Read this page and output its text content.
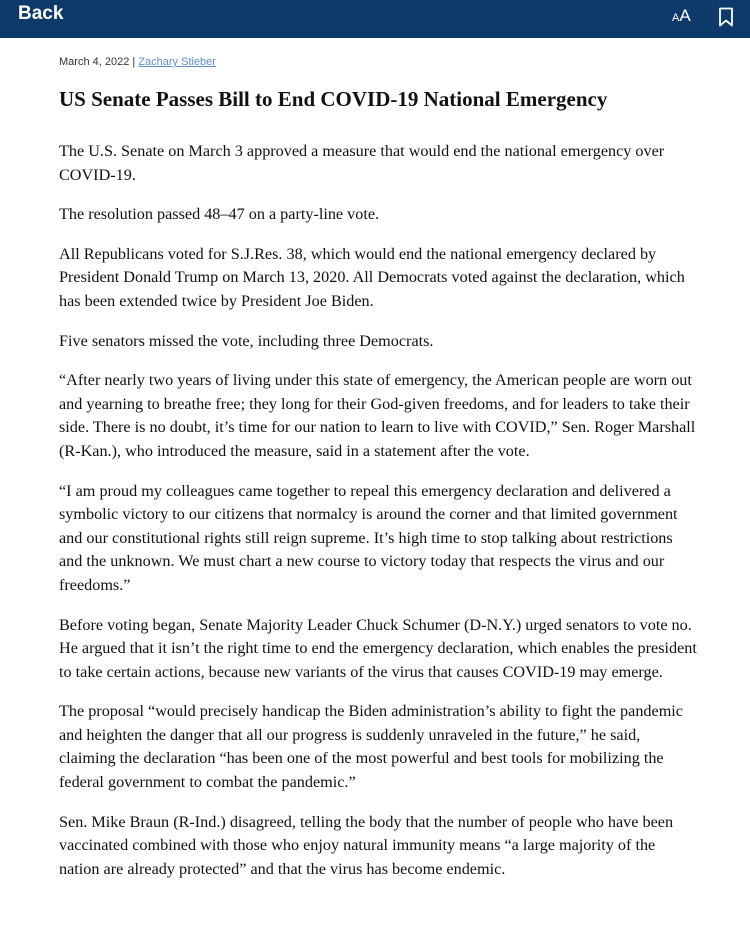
Back	AA
March 4, 2022 | Zachary Stieber
US Senate Passes Bill to End COVID-19 National Emergency

The U.S. Senate on March 3 approved a measure that would end the national emergency over COVID-19.

The resolution passed 48–47 on a party-line vote.

All Republicans voted for S.J.Res. 38, which would end the national emergency declared by President Donald Trump on March 13, 2020. All Democrats voted against the declaration, which has been extended twice by President Joe Biden.

Five senators missed the vote, including three Democrats.

“After nearly two years of living under this state of emergency, the American people are worn out and yearning to breathe free; they long for their God-given freedoms, and for leaders to take their side. There is no doubt, it’s time for our nation to learn to live with COVID,” Sen. Roger Marshall (R-Kan.), who introduced the measure, said in a statement after the vote.

“I am proud my colleagues came together to repeal this emergency declaration and delivered a symbolic victory to our citizens that normalcy is around the corner and that limited government and our constitutional rights still reign supreme. It’s high time to stop talking about restrictions and the unknown. We must chart a new course to victory today that respects the virus and our freedoms.”

Before voting began, Senate Majority Leader Chuck Schumer (D-N.Y.) urged senators to vote no. He argued that it isn’t the right time to end the emergency declaration, which enables the president to take certain actions, because new variants of the virus that causes COVID-19 may emerge.

The proposal “would precisely handicap the Biden administration’s ability to fight the pandemic and heighten the danger that all our progress is suddenly unraveled in the future,” he said, claiming the declaration “has been one of the most powerful and best tools for mobilizing the federal government to combat the pandemic.”

Sen. Mike Braun (R-Ind.) disagreed, telling the body that the number of people who have been vaccinated combined with those who enjoy natural immunity means “a large majority of the nation are already protected” and that the virus has become endemic.
